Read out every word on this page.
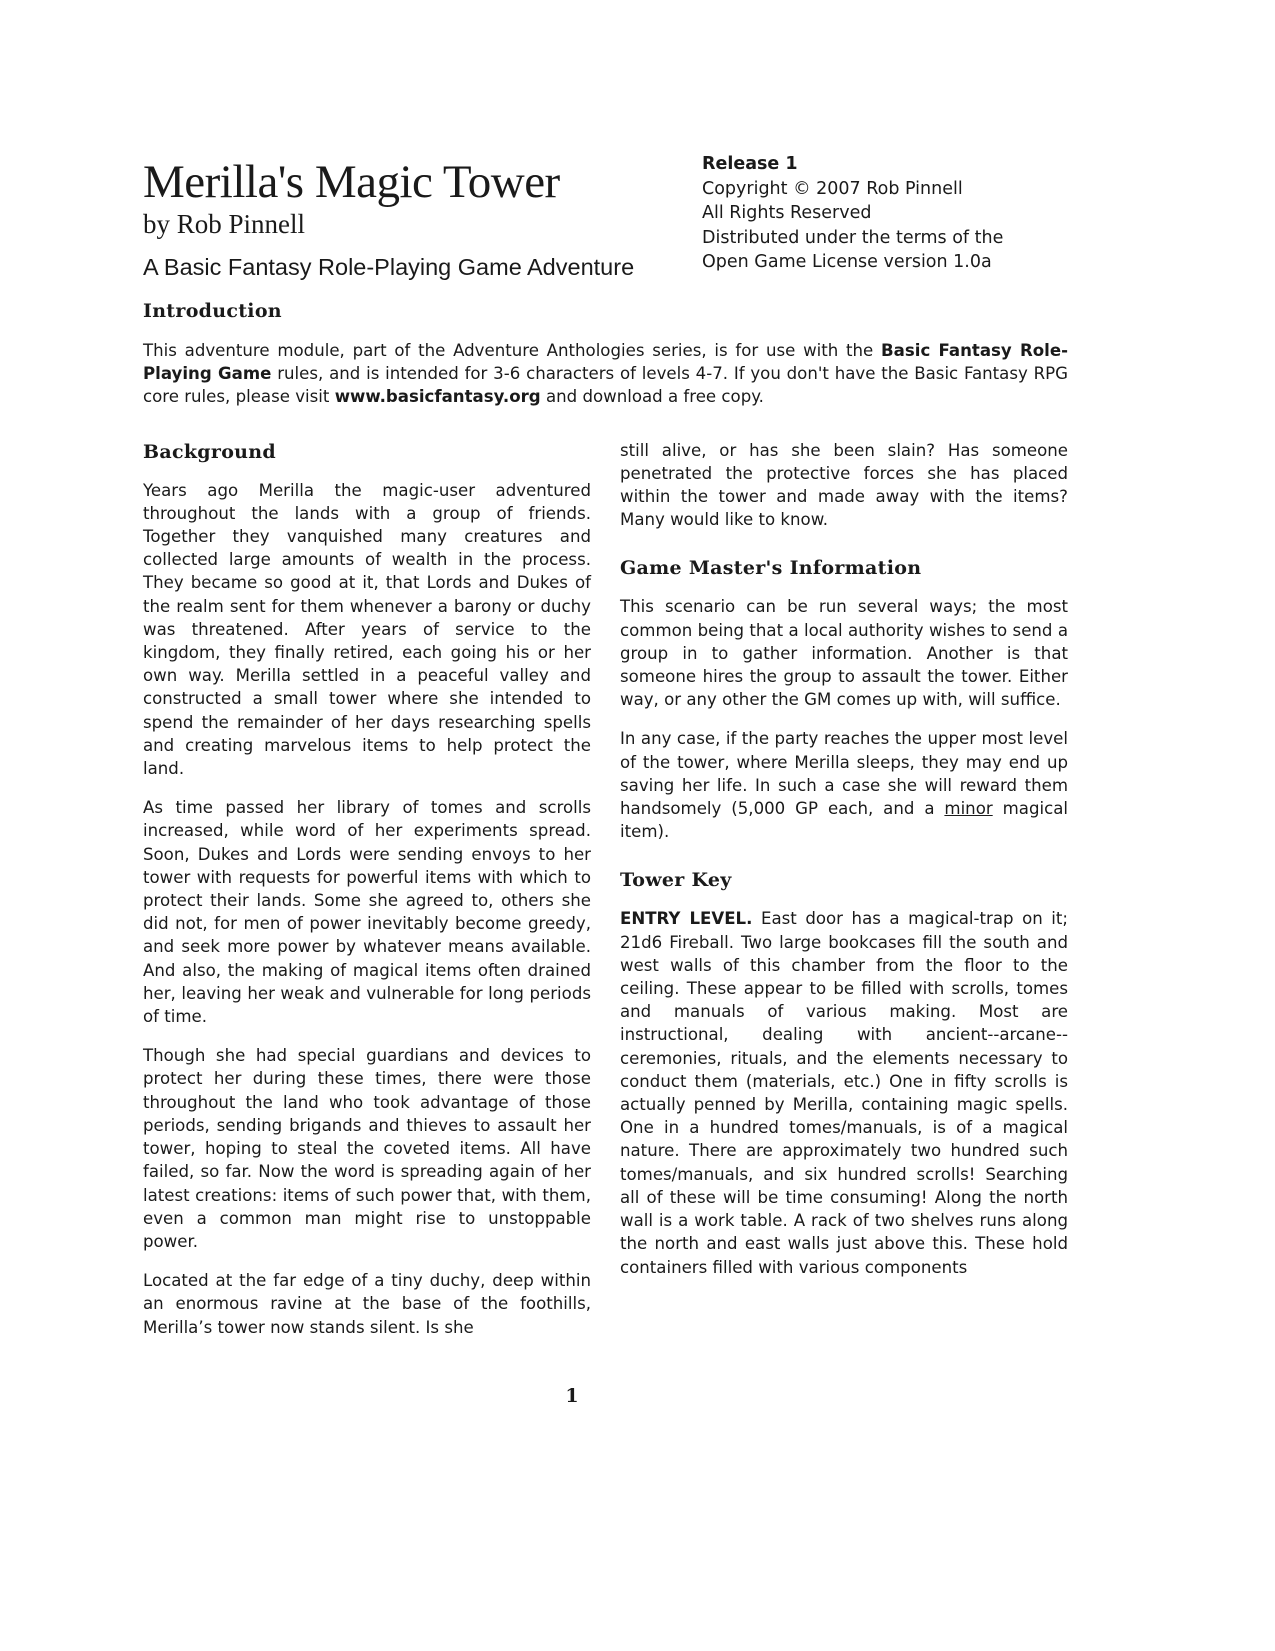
Merilla's Magic Tower
by Rob Pinnell
A Basic Fantasy Role-Playing Game Adventure
Release 1
Copyright © 2007 Rob Pinnell
All Rights Reserved
Distributed under the terms of the
Open Game License version 1.0a
Introduction

This adventure module, part of the Adventure Anthologies series, is for use with the Basic Fantasy Role-Playing Game rules, and is intended for 3-6 characters of levels 4-7. If you don't have the Basic Fantasy RPG core rules, please visit www.basicfantasy.org and download a free copy.

Background

Years ago Merilla the magic-user adventured throughout the lands with a group of friends. Together they vanquished many creatures and collected large amounts of wealth in the process. They became so good at it, that Lords and Dukes of the realm sent for them whenever a barony or duchy was threatened. After years of service to the kingdom, they finally retired, each going his or her own way. Merilla settled in a peaceful valley and constructed a small tower where she intended to spend the remainder of her days researching spells and creating marvelous items to help protect the land.

As time passed her library of tomes and scrolls increased, while word of her experiments spread. Soon, Dukes and Lords were sending envoys to her tower with requests for powerful items with which to protect their lands. Some she agreed to, others she did not, for men of power inevitably become greedy, and seek more power by whatever means available. And also, the making of magical items often drained her, leaving her weak and vulnerable for long periods of time.

Though she had special guardians and devices to protect her during these times, there were those throughout the land who took advantage of those periods, sending brigands and thieves to assault her tower, hoping to steal the coveted items. All have failed, so far. Now the word is spreading again of her latest creations: items of such power that, with them, even a common man might rise to unstoppable power.

Located at the far edge of a tiny duchy, deep within an enormous ravine at the base of the foothills, Merilla’s tower now stands silent. Is she

still alive, or has she been slain? Has someone penetrated the protective forces she has placed within the tower and made away with the items? Many would like to know.

Game Master's Information

This scenario can be run several ways; the most common being that a local authority wishes to send a group in to gather information. Another is that someone hires the group to assault the tower. Either way, or any other the GM comes up with, will suffice.

In any case, if the party reaches the upper most level of the tower, where Merilla sleeps, they may end up saving her life. In such a case she will reward them handsomely (5,000 GP each, and a minor magical item).

Tower Key

ENTRY LEVEL. East door has a magical-trap on it; 21d6 Fireball. Two large bookcases fill the south and west walls of this chamber from the floor to the ceiling. These appear to be filled with scrolls, tomes and manuals of various making. Most are instructional, dealing with ancient--arcane--ceremonies, rituals, and the elements necessary to conduct them (materials, etc.) One in fifty scrolls is actually penned by Merilla, containing magic spells. One in a hundred tomes/manuals, is of a magical nature. There are approximately two hundred such tomes/manuals, and six hundred scrolls! Searching all of these will be time consuming! Along the north wall is a work table. A rack of two shelves runs along the north and east walls just above this. These hold containers filled with various components

1
